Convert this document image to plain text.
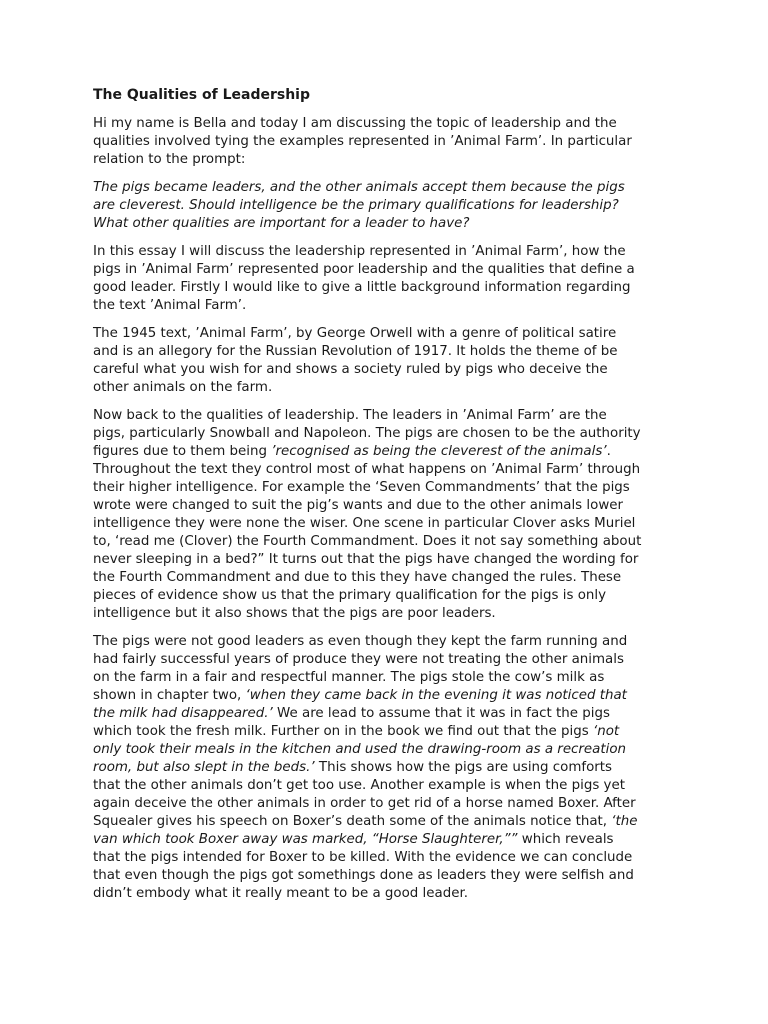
The Qualities of Leadership

Hi my name is Bella and today I am discussing the topic of leadership and the
qualities involved tying the examples represented in ’Animal Farm’. In particular
relation to the prompt:

The pigs became leaders, and the other animals accept them because the pigs
are cleverest. Should intelligence be the primary qualifications for leadership?
What other qualities are important for a leader to have?

In this essay I will discuss the leadership represented in ’Animal Farm’, how the
pigs in ’Animal Farm’ represented poor leadership and the qualities that define a
good leader. Firstly I would like to give a little background information regarding
the text ’Animal Farm’.

The 1945 text, ’Animal Farm’, by George Orwell with a genre of political satire
and is an allegory for the Russian Revolution of 1917. It holds the theme of be
careful what you wish for and shows a society ruled by pigs who deceive the
other animals on the farm.

Now back to the qualities of leadership. The leaders in ’Animal Farm’ are the
pigs, particularly Snowball and Napoleon. The pigs are chosen to be the authority
figures due to them being ’recognised as being the cleverest of the animals’.
Throughout the text they control most of what happens on ’Animal Farm’ through
their higher intelligence. For example the ‘Seven Commandments’ that the pigs
wrote were changed to suit the pig’s wants and due to the other animals lower
intelligence they were none the wiser. One scene in particular Clover asks Muriel
to, ‘read me (Clover) the Fourth Commandment. Does it not say something about
never sleeping in a bed?” It turns out that the pigs have changed the wording for
the Fourth Commandment and due to this they have changed the rules. These
pieces of evidence show us that the primary qualification for the pigs is only
intelligence but it also shows that the pigs are poor leaders.

The pigs were not good leaders as even though they kept the farm running and
had fairly successful years of produce they were not treating the other animals
on the farm in a fair and respectful manner. The pigs stole the cow’s milk as
shown in chapter two, ‘when they came back in the evening it was noticed that
the milk had disappeared.’ We are lead to assume that it was in fact the pigs
which took the fresh milk. Further on in the book we find out that the pigs ‘not
only took their meals in the kitchen and used the drawing-room as a recreation
room, but also slept in the beds.’ This shows how the pigs are using comforts
that the other animals don’t get too use. Another example is when the pigs yet
again deceive the other animals in order to get rid of a horse named Boxer. After
Squealer gives his speech on Boxer’s death some of the animals notice that, ‘the
van which took Boxer away was marked, “Horse Slaughterer,”” which reveals
that the pigs intended for Boxer to be killed. With the evidence we can conclude
that even though the pigs got somethings done as leaders they were selfish and
didn’t embody what it really meant to be a good leader.
